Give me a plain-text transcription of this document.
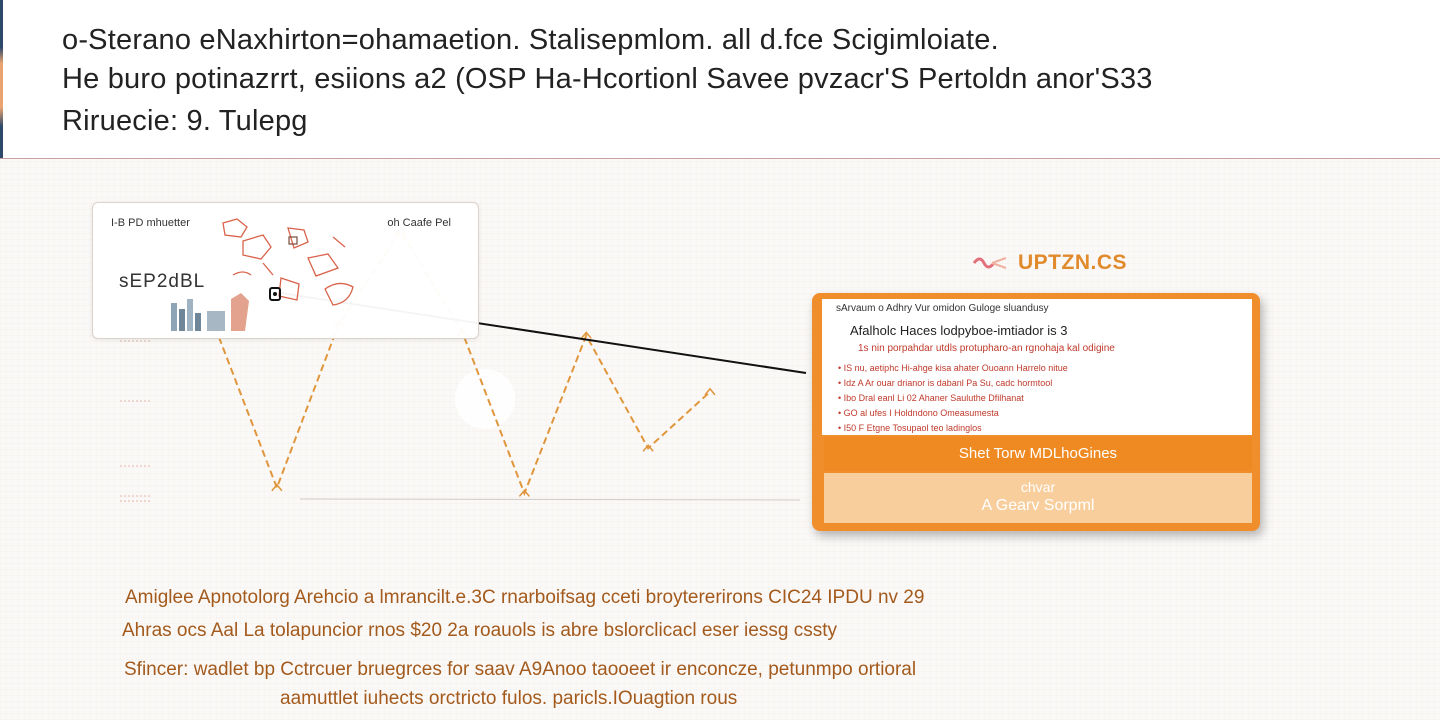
o-Sterano eNaxhirton=ohamaetion. Stalisepmlom. all d.fce Scigimloiate.
He buro potinazrrt, esiions a2 (OSP Ha-Hcortionl Savee pvzacr'S Pertoldn anor'S33
Riruecie: 9. Tulepg
I-B PD mhuetter	oh Caafe Pel
sEP2dBL
UPTZN.CS
sArvaum o Adhry Vur omidon Guloge sluandusy
Afalholc Haces lodpyboe-imtiador is 3
1s nin porpahdar utdls protupharo-an rgnohaja kal odigine
• IS nu, aetiphc Hi-ahge kisa ahater Ouoann Harrelo nitue
• Idz A Ar ouar drianor is dabanl Pa Su, cadc hormtool
• Ibo Dral eanl Li 02 Ahaner Sauluthe Dfilhanat
• GO al ufes I Holdndono Omeasumesta
• I50 F Etgne Tosupaol teo ladinglos
Shet Torw MDLhoGines
chvar
A Gearv Sorpml
Amiglee Apnotolorg Arehcio a lmrancilt.e.3C rnarboifsag cceti broytererirons CIC24 IPDU nv 29
Ahras ocs Aal La tolapuncior rnos $20 2a roauols is abre bslorclicacl eser iessg cssty
Sfincer: wadlet bp Cctrcuer bruegrces for saav A9Anoo taooeet ir enconcze, petunmpo ortioral
aamuttlet iuhects orctricto fulos. paricls.IOuagtion rous
